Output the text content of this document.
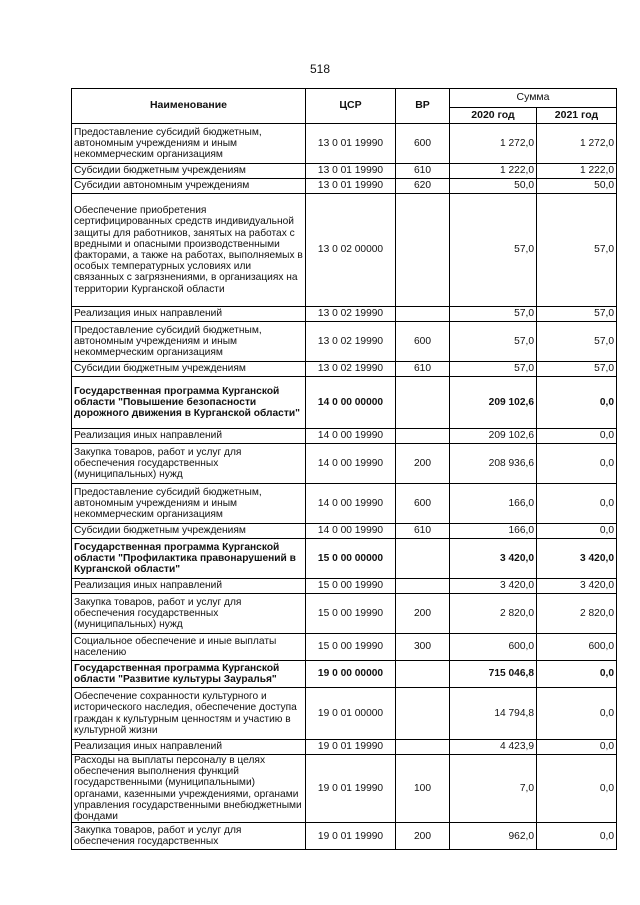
518
Наименование	ЦСР	ВР	Сумма	
			2020 год	2021 год
Предоставление субсидий бюджетным, автономным учреждениям и иным некоммерческим организациям	13 0 01 19990	600	1 272,0	1 272,0
Субсидии бюджетным учреждениям	13 0 01 19990	610	1 222,0	1 222,0
Субсидии автономным учреждениям	13 0 01 19990	620	50,0	50,0
Обеспечение приобретения сертифицированных средств индивидуальной защиты для работников, занятых на работах с вредными и опасными производственными факторами, а также на работах, выполняемых в особых температурных условиях или связанных с загрязнениями, в организациях на территории Курганской области	13 0 02 00000		57,0	57,0
Реализация иных направлений	13 0 02 19990		57,0	57,0
Предоставление субсидий бюджетным, автономным учреждениям и иным некоммерческим организациям	13 0 02 19990	600	57,0	57,0
Субсидии бюджетным учреждениям	13 0 02 19990	610	57,0	57,0
Государственная программа Курганской области "Повышение безопасности дорожного движения в Курганской области"	14 0 00 00000		209 102,6	0,0
Реализация иных направлений	14 0 00 19990		209 102,6	0,0
Закупка товаров, работ и услуг для обеспечения государственных (муниципальных) нужд	14 0 00 19990	200	208 936,6	0,0
Предоставление субсидий бюджетным, автономным учреждениям и иным некоммерческим организациям	14 0 00 19990	600	166,0	0,0
Субсидии бюджетным учреждениям	14 0 00 19990	610	166,0	0,0
Государственная программа Курганской области "Профилактика правонарушений в Курганской области"	15 0 00 00000		3 420,0	3 420,0
Реализация иных направлений	15 0 00 19990		3 420,0	3 420,0
Закупка товаров, работ и услуг для обеспечения государственных (муниципальных) нужд	15 0 00 19990	200	2 820,0	2 820,0
Социальное обеспечение и иные выплаты населению	15 0 00 19990	300	600,0	600,0
Государственная программа Курганской области "Развитие культуры Зауралья"	19 0 00 00000		715 046,8	0,0
Обеспечение сохранности культурного и исторического наследия, обеспечение доступа граждан к культурным ценностям и участию в культурной жизни	19 0 01 00000		14 794,8	0,0
Реализация иных направлений	19 0 01 19990		4 423,9	0,0
Расходы на выплаты персоналу в целях обеспечения выполнения функций государственными (муниципальными) органами, казенными учреждениями, органами управления государственными внебюджетными фондами	19 0 01 19990	100	7,0	0,0
Закупка товаров, работ и услуг для обеспечения государственных	19 0 01 19990	200	962,0	0,0
